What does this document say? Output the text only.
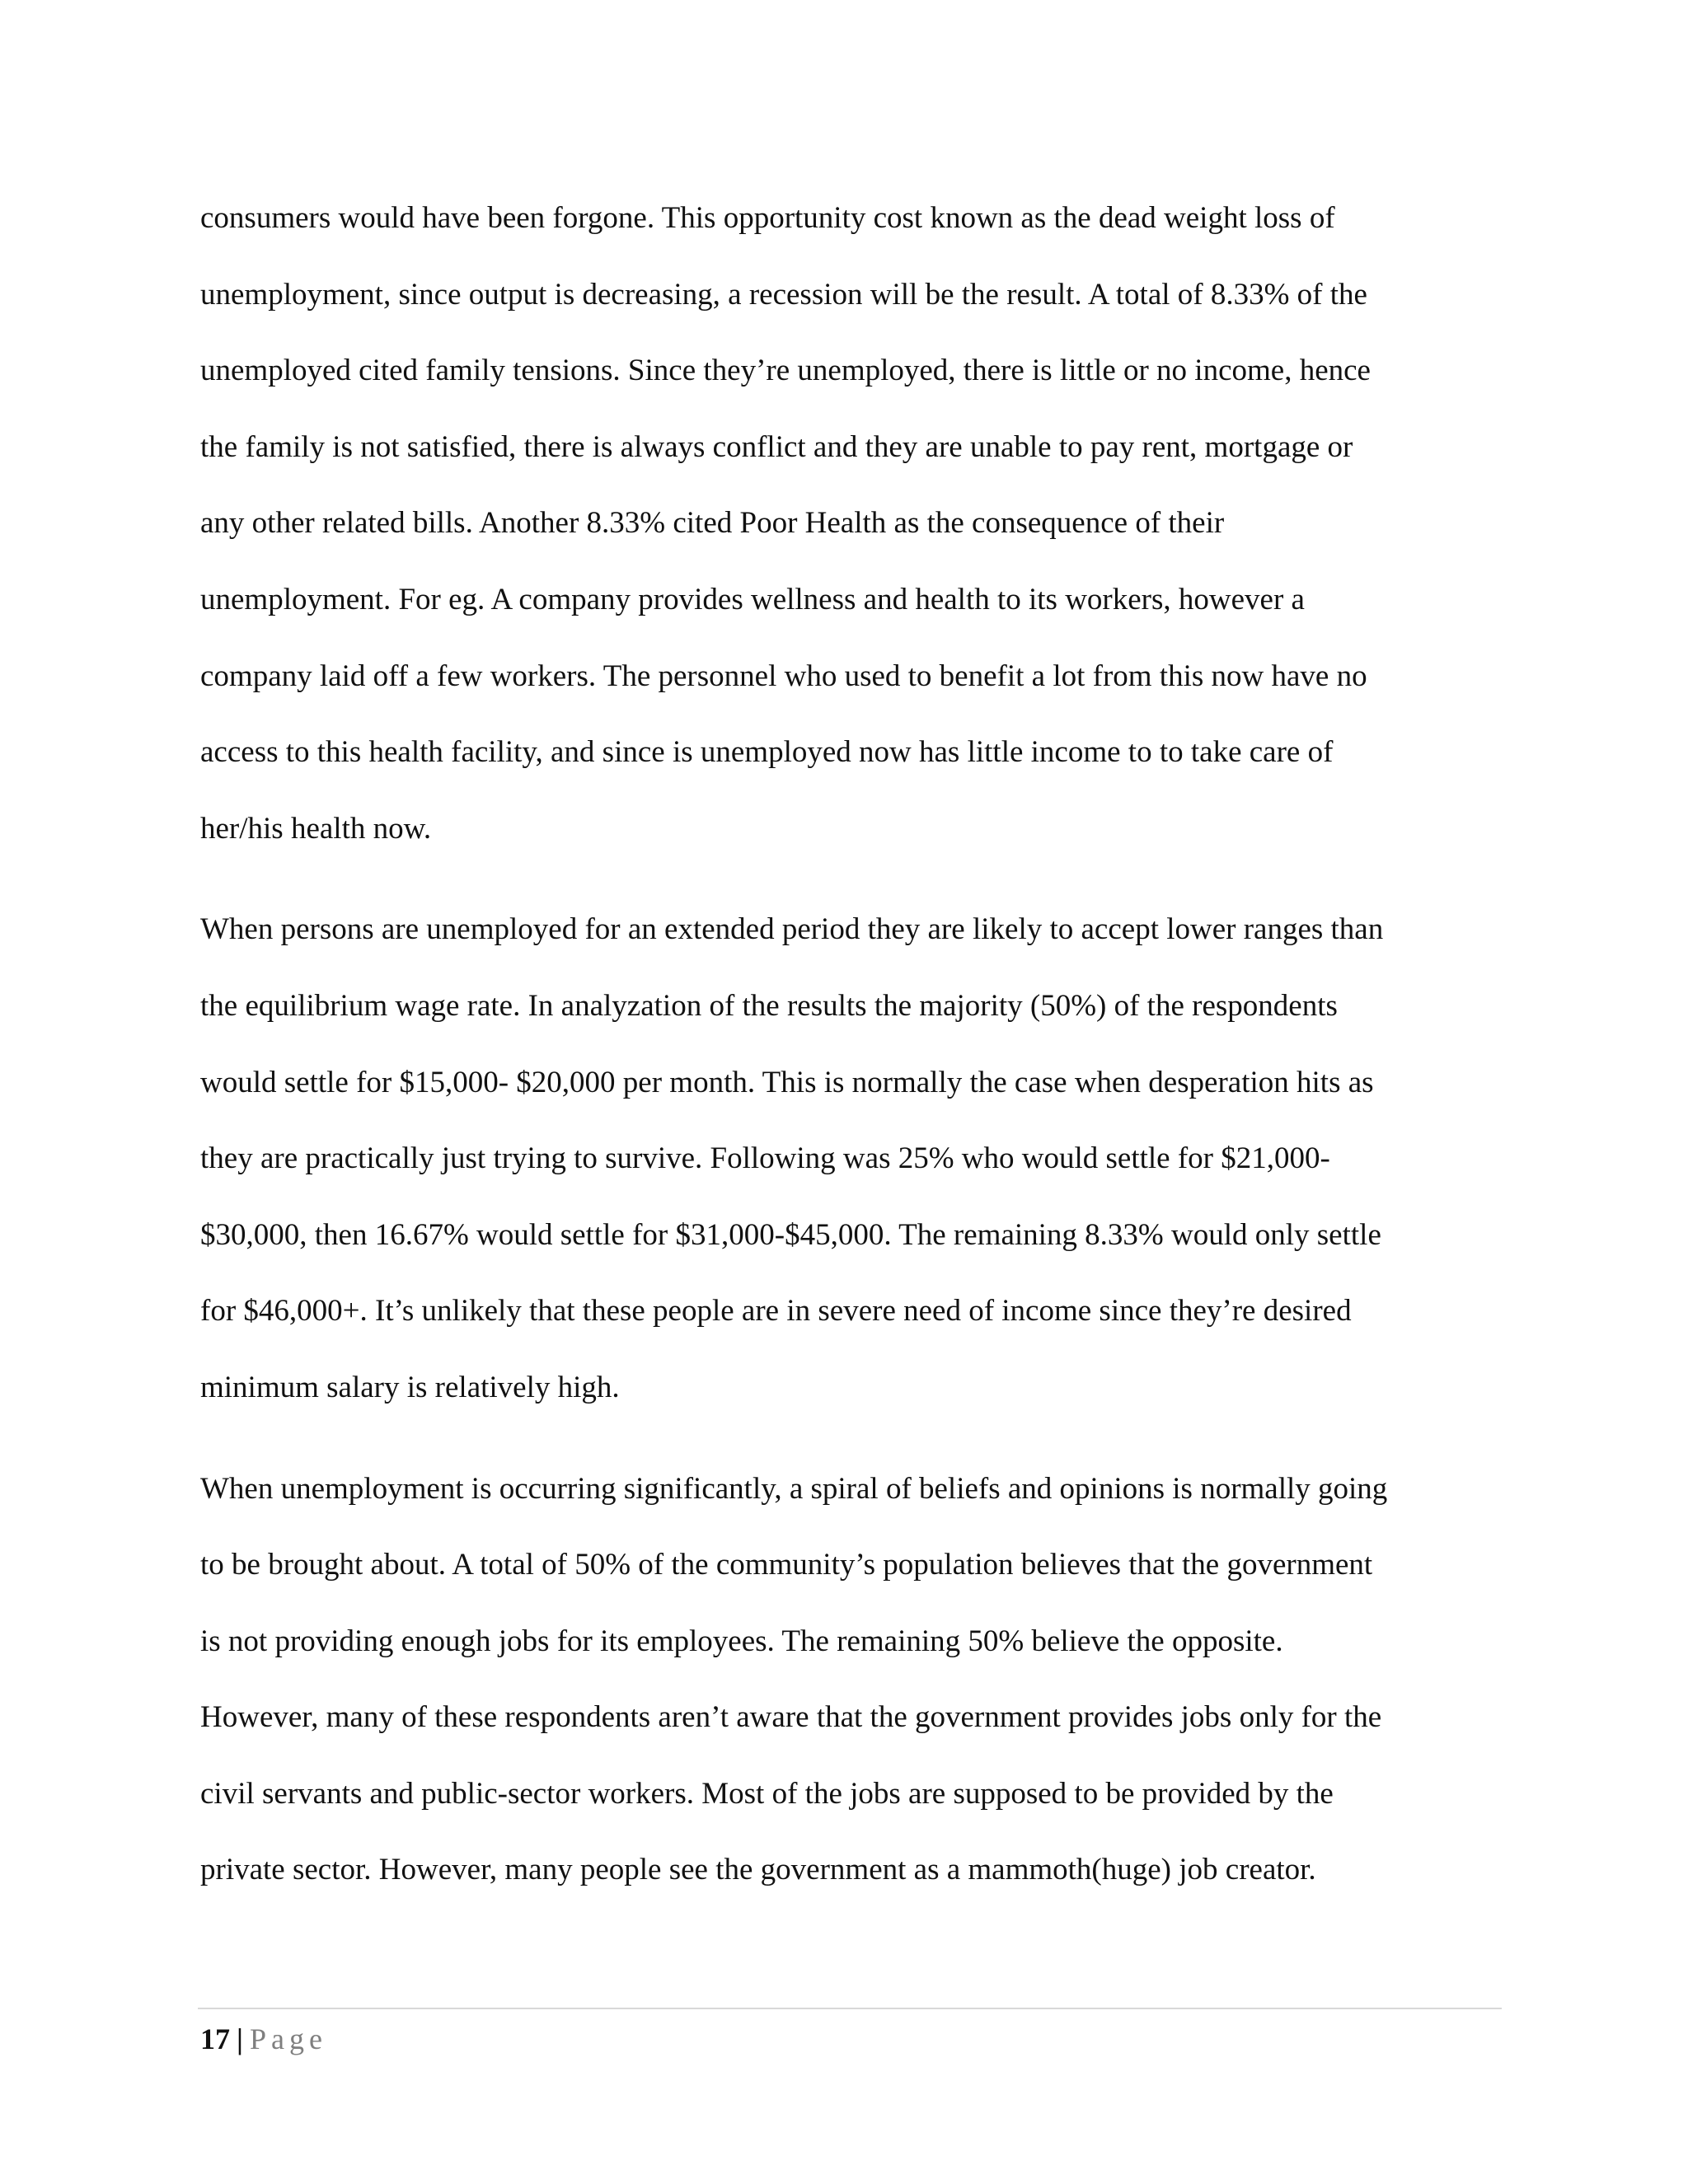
consumers would have been forgone. This opportunity cost known as the dead weight loss of
unemployment, since output is decreasing, a recession will be the result. A total of 8.33% of the
unemployed cited family tensions. Since they’re unemployed, there is little or no income, hence
the family is not satisfied, there is always conflict and they are unable to pay rent, mortgage or
any other related bills. Another 8.33% cited Poor Health as the consequence of their
unemployment. For eg. A company provides wellness and health to its workers, however a
company laid off a few workers. The personnel who used to benefit a lot from this now have no
access to this health facility, and since is unemployed now has little income to to take care of
her/his health now.

When persons are unemployed for an extended period they are likely to accept lower ranges than
the equilibrium wage rate. In analyzation of the results the majority (50%) of the respondents
would settle for $15,000- $20,000 per month. This is normally the case when desperation hits as
they are practically just trying to survive. Following was 25% who would settle for $21,000-
$30,000, then 16.67% would settle for $31,000-$45,000. The remaining 8.33% would only settle
for $46,000+. It’s unlikely that these people are in severe need of income since they’re desired
minimum salary is relatively high.

When unemployment is occurring significantly, a spiral of beliefs and opinions is normally going
to be brought about. A total of 50% of the community’s population believes that the government
is not providing enough jobs for its employees. The remaining 50% believe the opposite.
However, many of these respondents aren’t aware that the government provides jobs only for the
civil servants and public-sector workers. Most of the jobs are supposed to be provided by the
private sector. However, many people see the government as a mammoth(huge) job creator.

17 | Page
